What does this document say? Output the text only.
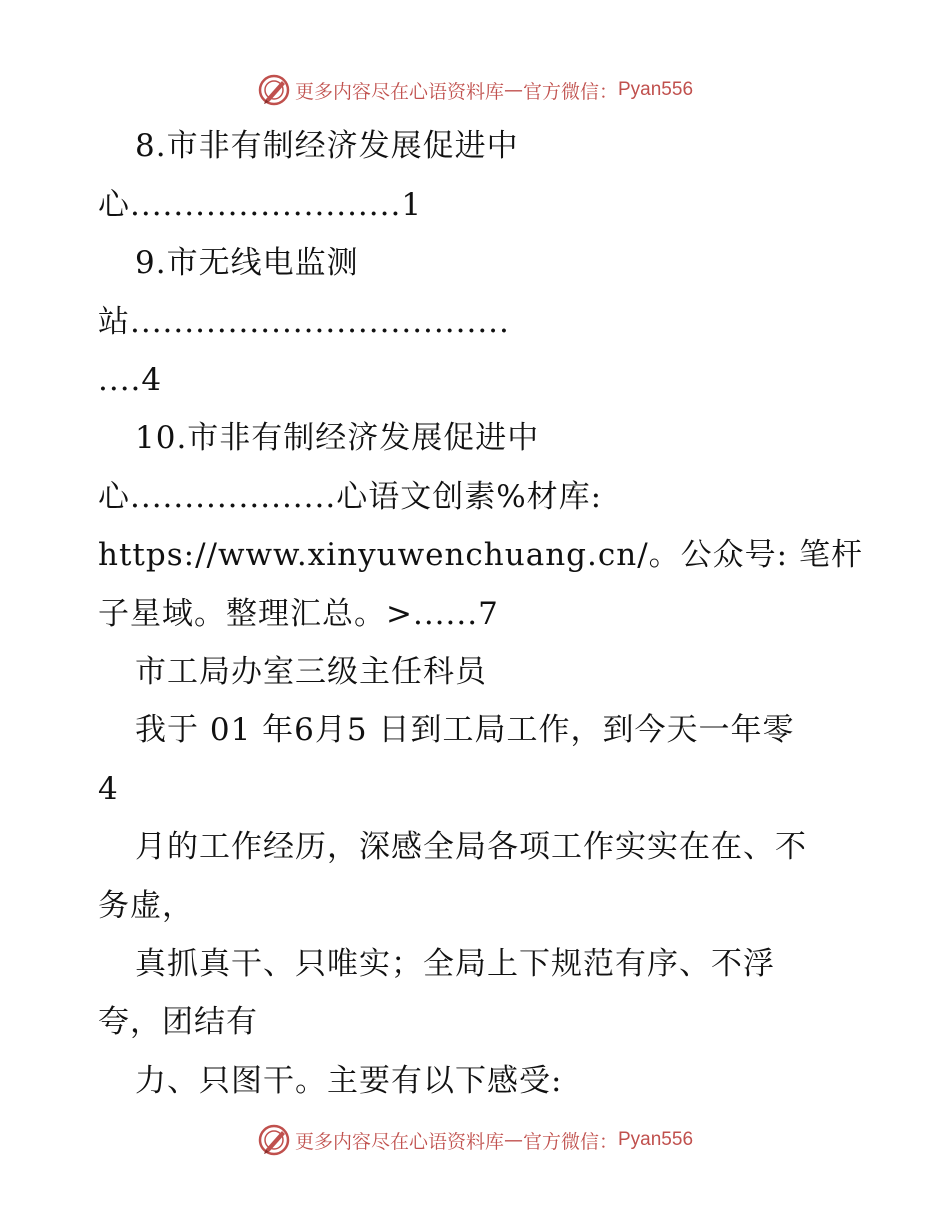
更多内容尽在心语资料库 — 官方微信： Pyan556
8.市非有制经济发展促进中
心.........................1
9.市无线电监测
站...................................
....4
10.市非有制经济发展促进中
心...................心语文创素%材库:
https://www.xinyuwenchuang.cn/。公众号: 笔杆
子星域。整理汇总。>......7
市工局办室三级主任科员
我于 01 年6月5 日到工局工作，到今天一年零
4
月的工作经历，深感全局各项工作实实在在、不
务虚，
真抓真干、只唯实；全局上下规范有序、不浮
夸，团结有
力、只图干。主要有以下感受:
更多内容尽在心语资料库 — 官方微信： Pyan556
